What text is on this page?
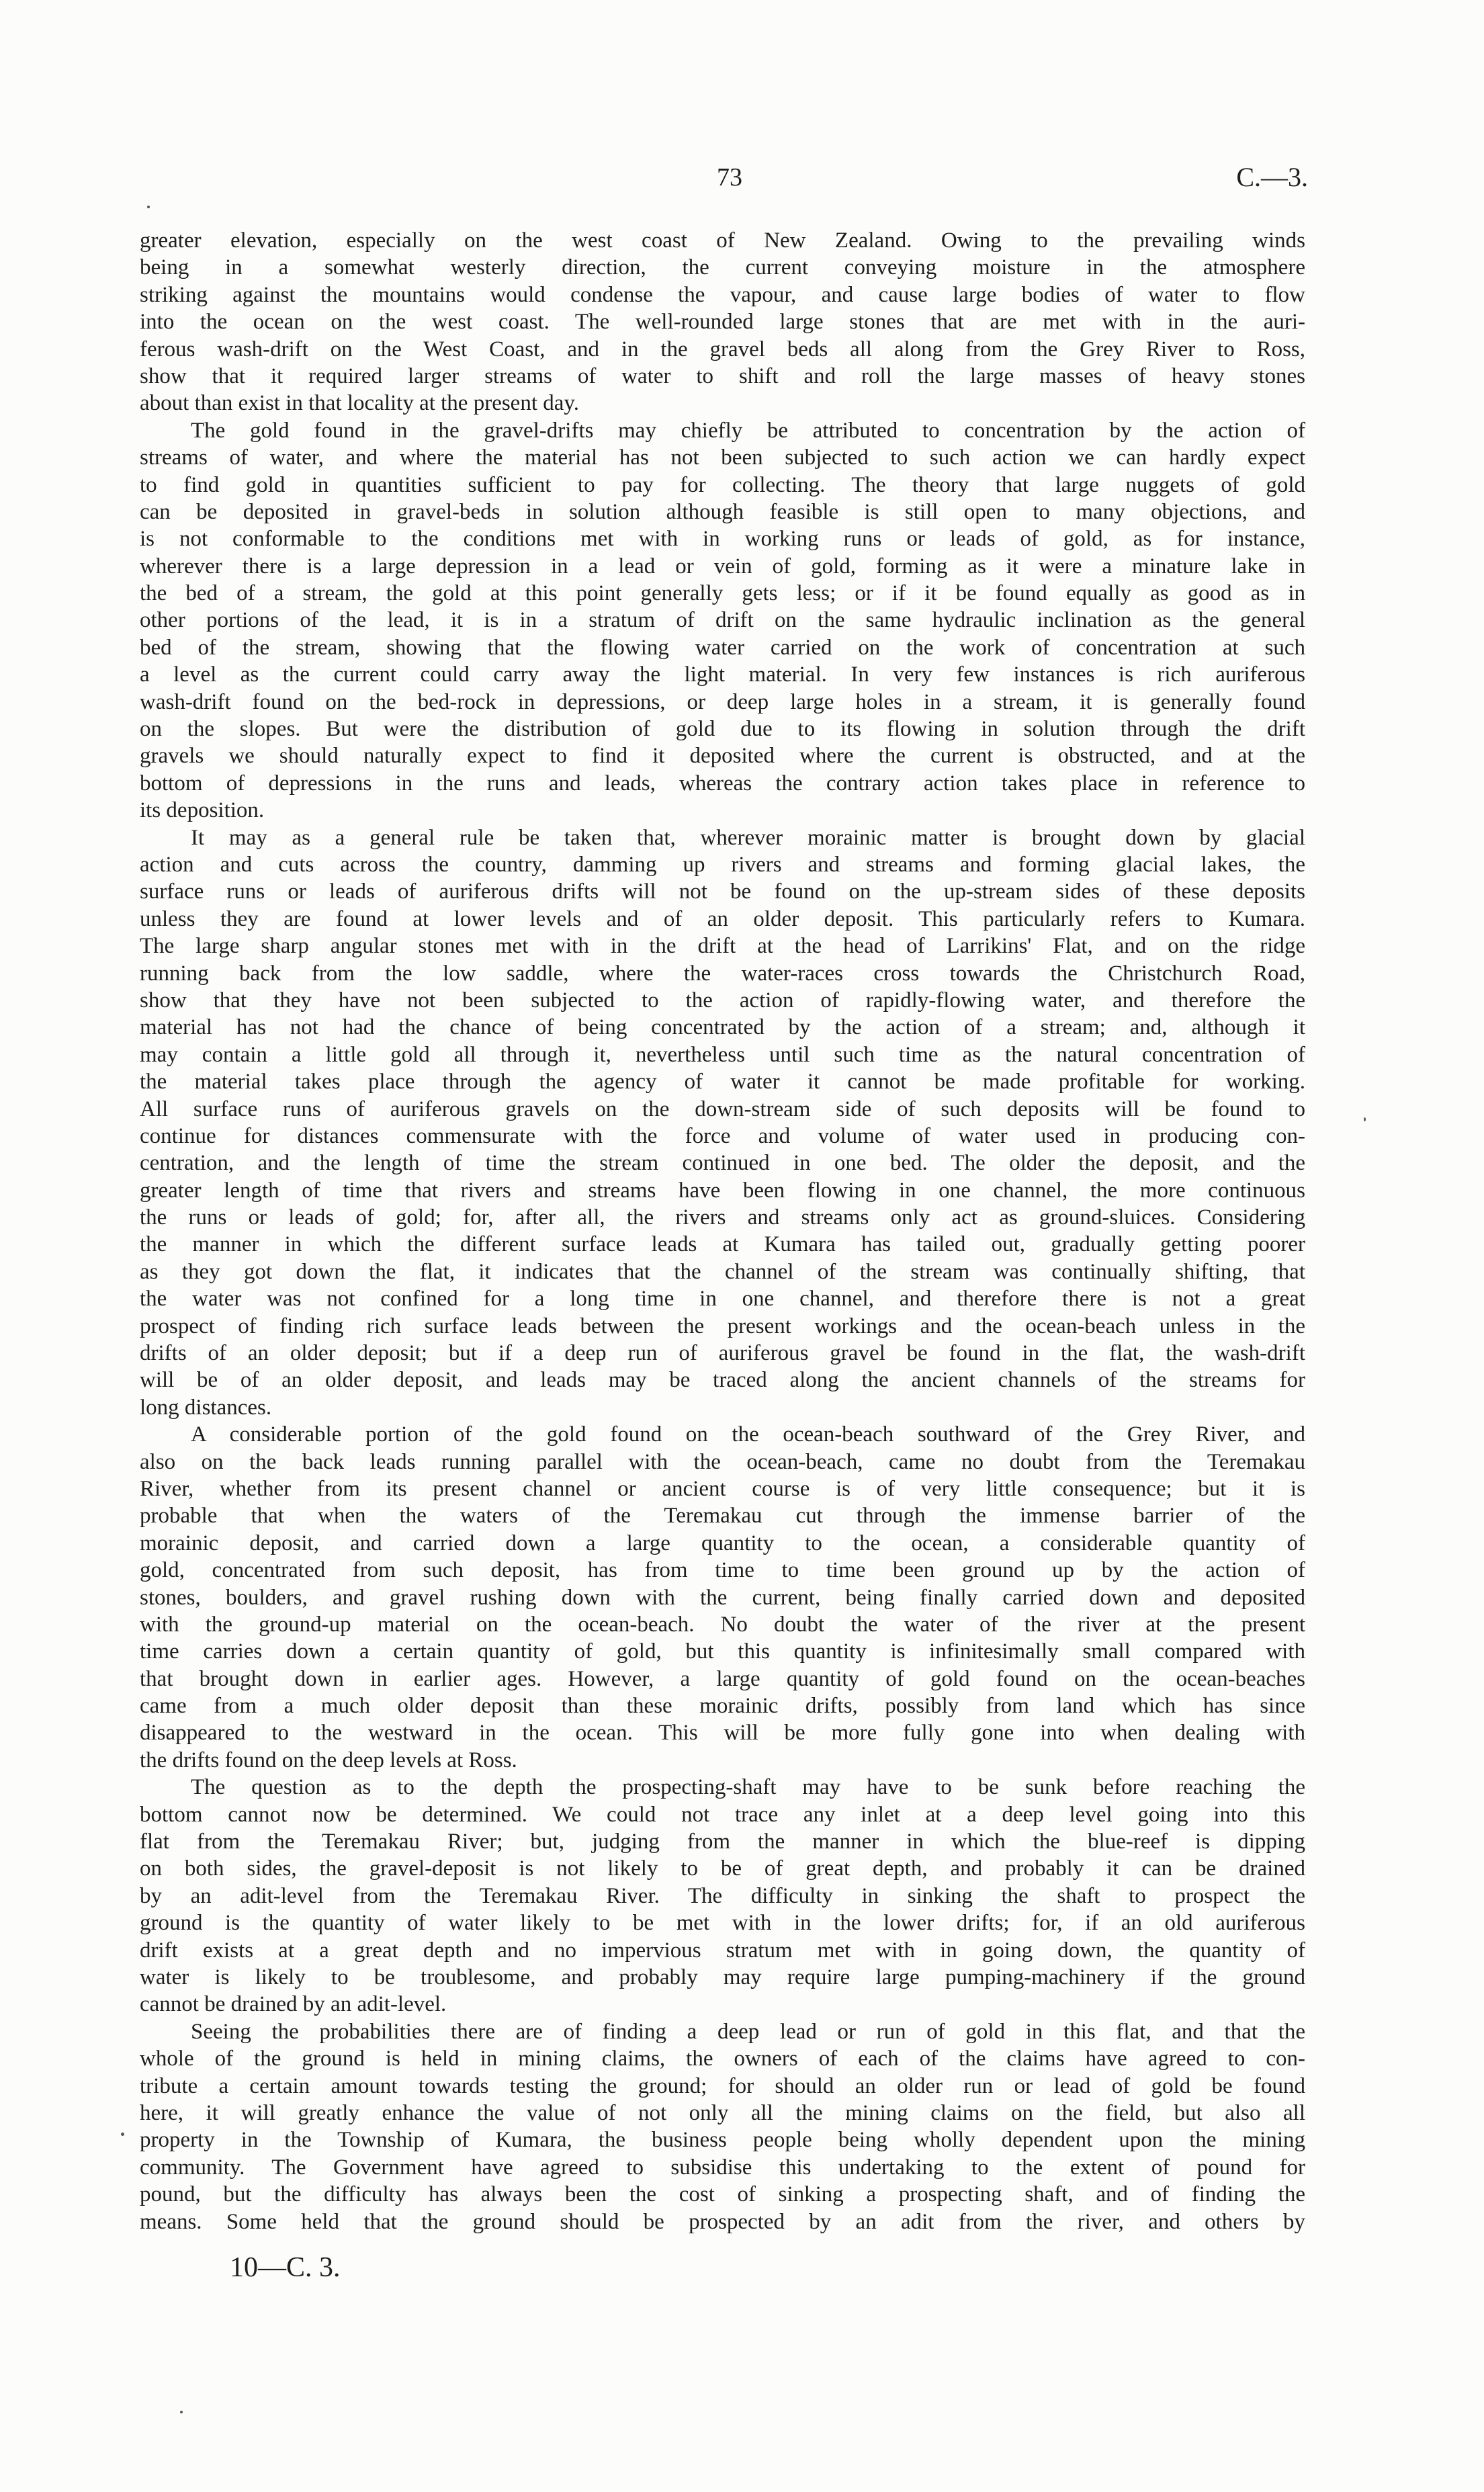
73	C.—3.
greater elevation, especially on the west coast of New Zealand. Owing to the prevailing winds
being in a somewhat westerly direction, the current conveying moisture in the atmosphere
striking against the mountains would condense the vapour, and cause large bodies of water to flow
into the ocean on the west coast. The well-rounded large stones that are met with in the auri-
ferous wash-drift on the West Coast, and in the gravel beds all along from the Grey River to Ross,
show that it required larger streams of water to shift and roll the large masses of heavy stones
about than exist in that locality at the present day.
The gold found in the gravel-drifts may chiefly be attributed to concentration by the action of
streams of water, and where the material has not been subjected to such action we can hardly expect
to find gold in quantities sufficient to pay for collecting. The theory that large nuggets of gold
can be deposited in gravel-beds in solution although feasible is still open to many objections, and
is not conformable to the conditions met with in working runs or leads of gold, as for instance,
wherever there is a large depression in a lead or vein of gold, forming as it were a minature lake in
the bed of a stream, the gold at this point generally gets less; or if it be found equally as good as in
other portions of the lead, it is in a stratum of drift on the same hydraulic inclination as the general
bed of the stream, showing that the flowing water carried on the work of concentration at such
a level as the current could carry away the light material. In very few instances is rich auriferous
wash-drift found on the bed-rock in depressions, or deep large holes in a stream, it is generally found
on the slopes. But were the distribution of gold due to its flowing in solution through the drift
gravels we should naturally expect to find it deposited where the current is obstructed, and at the
bottom of depressions in the runs and leads, whereas the contrary action takes place in reference to
its deposition.
It may as a general rule be taken that, wherever morainic matter is brought down by glacial
action and cuts across the country, damming up rivers and streams and forming glacial lakes, the
surface runs or leads of auriferous drifts will not be found on the up-stream sides of these deposits
unless they are found at lower levels and of an older deposit. This particularly refers to Kumara.
The large sharp angular stones met with in the drift at the head of Larrikins' Flat, and on the ridge
running back from the low saddle, where the water-races cross towards the Christchurch Road,
show that they have not been subjected to the action of rapidly-flowing water, and therefore the
material has not had the chance of being concentrated by the action of a stream; and, although it
may contain a little gold all through it, nevertheless until such time as the natural concentration of
the material takes place through the agency of water it cannot be made profitable for working.
All surface runs of auriferous gravels on the down-stream side of such deposits will be found to
continue for distances commensurate with the force and volume of water used in producing con-
centration, and the length of time the stream continued in one bed. The older the deposit, and the
greater length of time that rivers and streams have been flowing in one channel, the more continuous
the runs or leads of gold; for, after all, the rivers and streams only act as ground-sluices. Considering
the manner in which the different surface leads at Kumara has tailed out, gradually getting poorer
as they got down the flat, it indicates that the channel of the stream was continually shifting, that
the water was not confined for a long time in one channel, and therefore there is not a great
prospect of finding rich surface leads between the present workings and the ocean-beach unless in the
drifts of an older deposit; but if a deep run of auriferous gravel be found in the flat, the wash-drift
will be of an older deposit, and leads may be traced along the ancient channels of the streams for
long distances.
A considerable portion of the gold found on the ocean-beach southward of the Grey River, and
also on the back leads running parallel with the ocean-beach, came no doubt from the Teremakau
River, whether from its present channel or ancient course is of very little consequence; but it is
probable that when the waters of the Teremakau cut through the immense barrier of the
morainic deposit, and carried down a large quantity to the ocean, a considerable quantity of
gold, concentrated from such deposit, has from time to time been ground up by the action of
stones, boulders, and gravel rushing down with the current, being finally carried down and deposited
with the ground-up material on the ocean-beach. No doubt the water of the river at the present
time carries down a certain quantity of gold, but this quantity is infinitesimally small compared with
that brought down in earlier ages. However, a large quantity of gold found on the ocean-beaches
came from a much older deposit than these morainic drifts, possibly from land which has since
disappeared to the westward in the ocean. This will be more fully gone into when dealing with
the drifts found on the deep levels at Ross.
The question as to the depth the prospecting-shaft may have to be sunk before reaching the
bottom cannot now be determined. We could not trace any inlet at a deep level going into this
flat from the Teremakau River; but, judging from the manner in which the blue-reef is dipping
on both sides, the gravel-deposit is not likely to be of great depth, and probably it can be drained
by an adit-level from the Teremakau River. The difficulty in sinking the shaft to prospect the
ground is the quantity of water likely to be met with in the lower drifts; for, if an old auriferous
drift exists at a great depth and no impervious stratum met with in going down, the quantity of
water is likely to be troublesome, and probably may require large pumping-machinery if the ground
cannot be drained by an adit-level.
Seeing the probabilities there are of finding a deep lead or run of gold in this flat, and that the
whole of the ground is held in mining claims, the owners of each of the claims have agreed to con-
tribute a certain amount towards testing the ground; for should an older run or lead of gold be found
here, it will greatly enhance the value of not only all the mining claims on the field, but also all
property in the Township of Kumara, the business people being wholly dependent upon the mining
community. The Government have agreed to subsidise this undertaking to the extent of pound for
pound, but the difficulty has always been the cost of sinking a prospecting shaft, and of finding the
means. Some held that the ground should be prospected by an adit from the river, and others by
10—C. 3.
